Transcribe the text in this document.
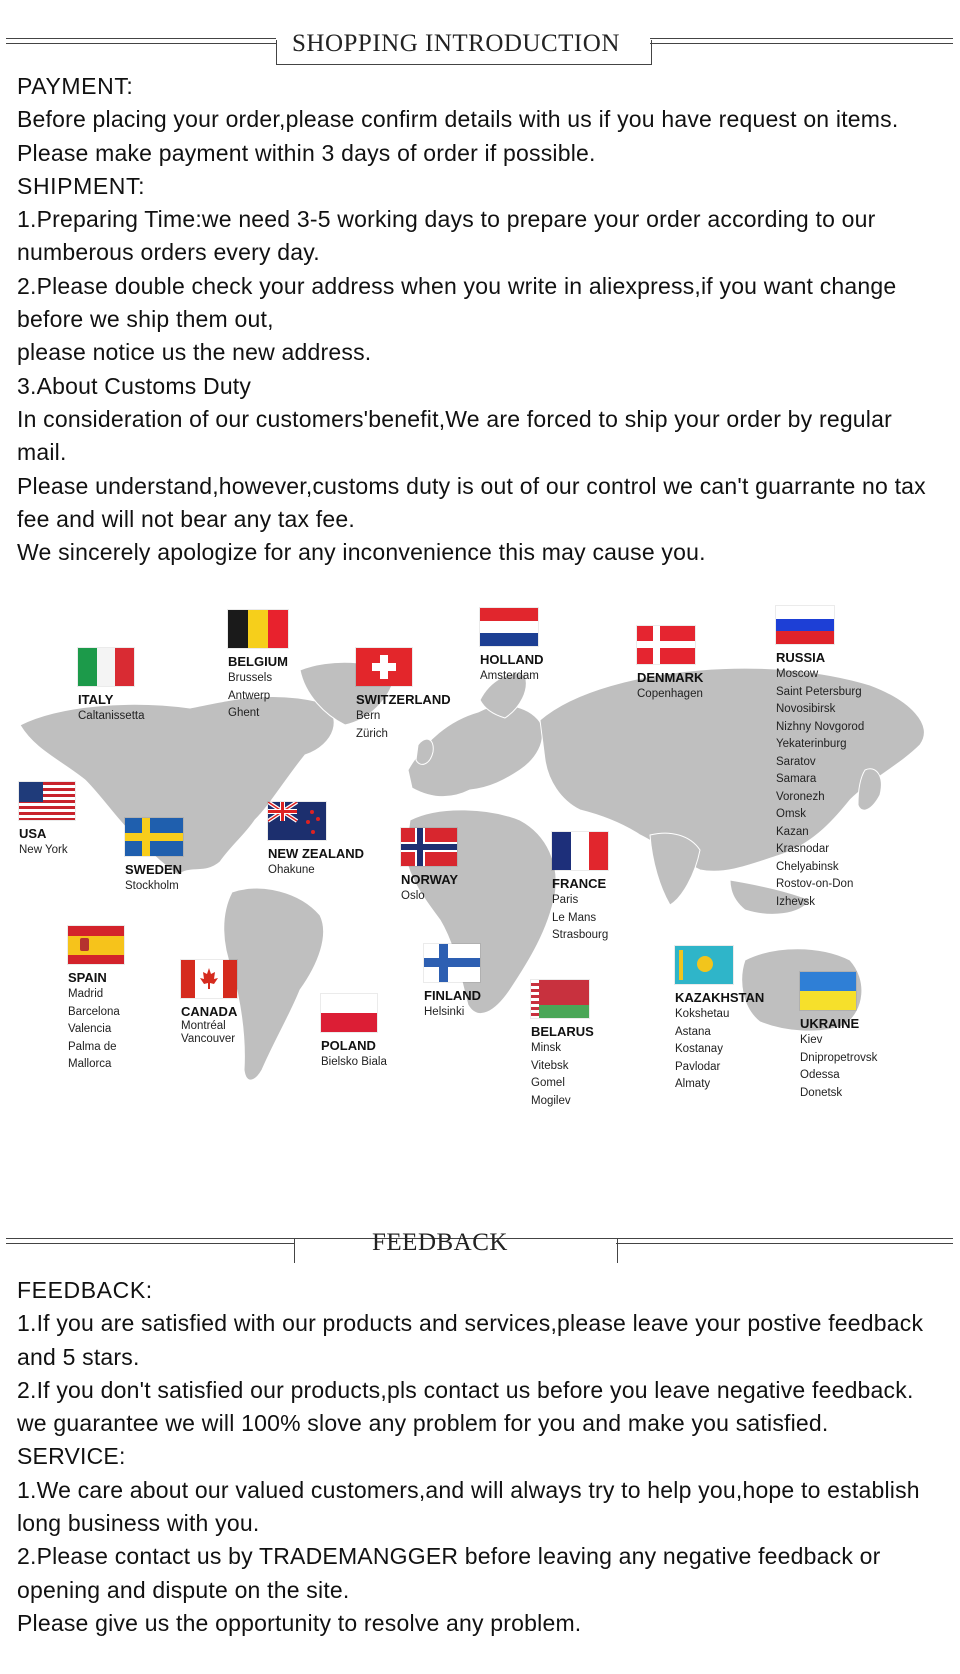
SHOPPING INTRODUCTION

PAYMENT:

Before placing your order,please confirm details with us if you have request on items.

Please make payment within 3 days of order if possible.

SHIPMENT:

1.Preparing Time:we need 3-5 working days to prepare your order according to our numberous orders every day.

2.Please double check your address when you write in aliexpress,if you want change before we ship them out,

please notice us the new address.

3.About Customs Duty

In consideration of our customers'benefit,We are forced to ship your order by regular mail.

Please understand,however,customs duty is out of our control we can't guarrante no tax fee and will not bear any tax fee.

We sincerely apologize for any inconvenience this may cause you.

BELGIUM
Brussels
Antwerp
Ghent
ITALY
Caltanissetta
SWITZERLAND
Bern
Zürich
HOLLAND
Amsterdam	DENMARK
Copenhagen
RUSSIA
Moscow
Saint Petersburg
Novosibirsk
Nizhny Novgorod
Yekaterinburg
Saratov
Samara
Voronezh
Omsk
Kazan
Krasnodar
Chelyabinsk
Rostov-on-Don
Izhevsk
USA
New York
SWEDEN
Stockholm
NEW ZEALAND
Ohakune
NORWAY
Oslo
FRANCE
Paris
Le Mans
Strasbourg
SPAIN
Madrid
Barcelona
Valencia
Palma de
Mallorca
CANADA
Montréal
Vancouver	POLAND
Bielsko Biala
FINLAND
Helsinki
BELARUS
Minsk
Vitebsk
Gomel
Mogilev
KAZAKHSTAN
Kokshetau
Astana
Kostanay
Pavlodar
Almaty
UKRAINE
Kiev
Dnipropetrovsk
Odessa
Donetsk
FEEDBACK

FEEDBACK:

1.If you are satisfied with our products and services,please leave your postive feedback and 5 stars.

2.If you don't satisfied our products,pls contact us before you leave negative feedback.

we guarantee we will 100% slove any problem for you and make you satisfied.

SERVICE:

1.We care about our valued customers,and will always try to help you,hope to establish long business with you.

2.Please contact us by TRADEMANGGER before leaving any negative feedback or opening and dispute on the site.

Please give us the opportunity to resolve any problem.
